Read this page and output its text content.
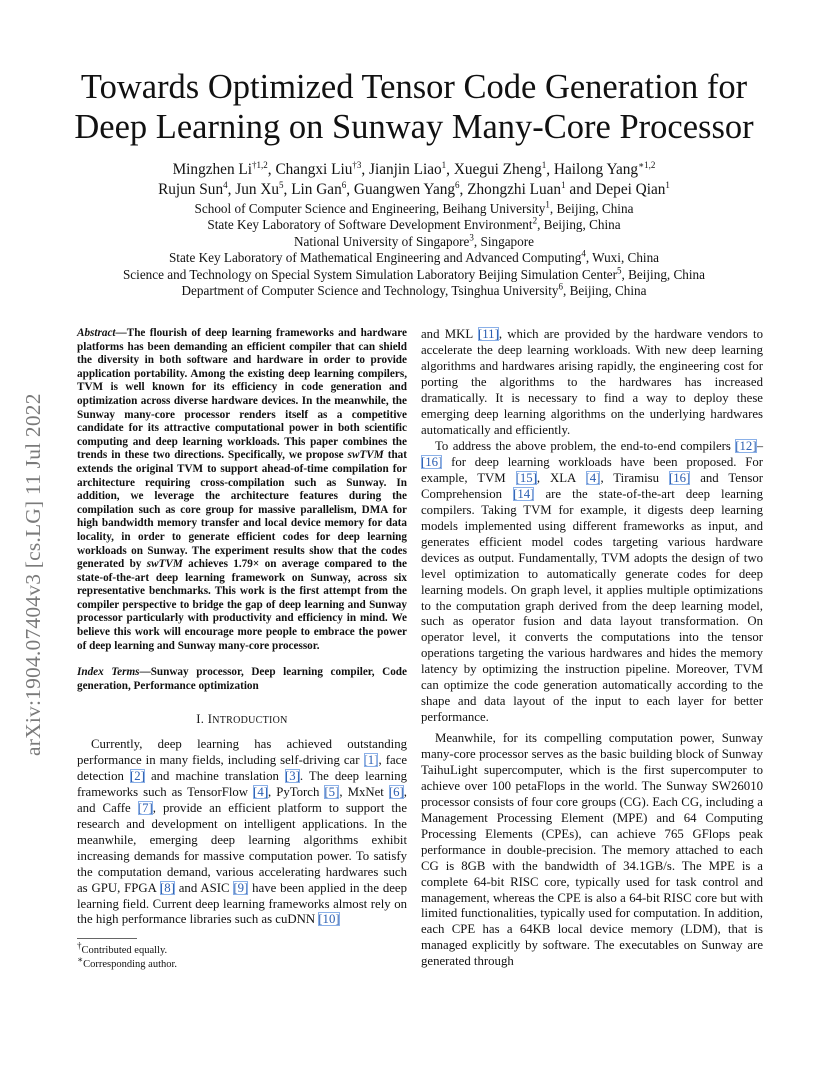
Towards Optimized Tensor Code Generation for
Deep Learning on Sunway Many-Core Processor
Mingzhen Li$^{\dagger 1,2}$, Changxi Liu$^{\dagger 3}$, Jianjin Liao$^1$, Xuegui Zheng$^1$, Hailong Yang$^{∗1,2}$
Rujun Sun$^4$, Jun Xu$^5$, Lin Gan$^6$, Guangwen Yang$^6$, Zhongzhi Luan$^1$ and Depei Qian$^1$
School of Computer Science and Engineering, Beihang University$^1$, Beijing, China
State Key Laboratory of Software Development Environment$^2$, Beijing, China
National University of Singapore$^3$, Singapore
State Key Laboratory of Mathematical Engineering and Advanced Computing$^4$, Wuxi, China
Science and Technology on Special System Simulation Laboratory Beijing Simulation Center$^5$, Beijing, China
Department of Computer Science and Technology, Tsinghua University$^6$, Beijing, China
arXiv:1904.07404v3 [cs.LG] 11 Jul 2022
Abstract—The flourish of deep learning frameworks and hardware platforms has been demanding an efficient compiler that can shield the diversity in both software and hardware in order to provide application portability. Among the existing deep learning compilers, TVM is well known for its efficiency in code generation and optimization across diverse hardware devices. In the meanwhile, the Sunway many-core processor renders itself as a competitive candidate for its attractive computational power in both scientific computing and deep learning workloads. This paper combines the trends in these two directions. Specifically, we propose swTVM that extends the original TVM to support ahead-of-time compilation for architecture requiring cross-compilation such as Sunway. In addition, we leverage the architecture features during the compilation such as core group for massive parallelism, DMA for high bandwidth memory transfer and local device memory for data locality, in order to generate efficient codes for deep learning workloads on Sunway. The experiment results show that the codes generated by swTVM achieves 1.79× on average compared to the state-of-the-art deep learning framework on Sunway, across six representative benchmarks. This work is the first attempt from the compiler perspective to bridge the gap of deep learning and Sunway processor particularly with productivity and efficiency in mind. We believe this work will encourage more people to embrace the power of deep learning and Sunway many-core processor.
Index Terms—Sunway processor, Deep learning compiler, Code generation, Performance optimization
I. INTRODUCTION

Currently, deep learning has achieved outstanding performance in many fields, including self-driving car [ 1 ] , face detection [ 2 ] and machine translation [ 3 ] . The deep learning frameworks such as TensorFlow [ 4 ] , PyTorch [ 5 ] , MxNet [ 6 ] , and Caffe [ 7 ] , provide an efficient platform to support the research and development on intelligent applications. In the meanwhile, emerging deep learning algorithms exhibit increasing demands for massive computation power. To satisfy the computation demand, various accelerating hardwares such as GPU, FPGA [ 8 ] and ASIC [ 9 ] have been applied in the deep learning field. Current deep learning frameworks almost rely on the high performance libraries such as cuDNN [ 10 ]

†Contributed equally.
∗Corresponding author.

and MKL [ 11 ] , which are provided by the hardware vendors to accelerate the deep learning workloads. With new deep learning algorithms and hardwares arising rapidly, the engineering cost for porting the algorithms to the hardwares has increased dramatically. It is necessary to find a way to deploy these emerging deep learning algorithms on the underlying hardwares automatically and efficiently.

To address the above problem, the end-to-end compilers [ 12 ] –[ 16 ] for deep learning workloads have been proposed. For example, TVM [ 15 ] , XLA [ 4 ] , Tiramisu [ 16 ] and Tensor Comprehension [ 14 ] are the state-of-the-art deep learning compilers. Taking TVM for example, it digests deep learning models implemented using different frameworks as input, and generates efficient model codes targeting various hardware devices as output. Fundamentally, TVM adopts the design of two level optimization to automatically generate codes for deep learning models. On graph level, it applies multiple optimizations to the computation graph derived from the deep learning model, such as operator fusion and data layout transformation. On operator level, it converts the computations into the tensor operations targeting the various hardwares and hides the memory latency by optimizing the instruction pipeline. Moreover, TVM can optimize the code generation automatically according to the shape and data layout of the input to each layer for better performance.

Meanwhile, for its compelling computation power, Sunway many-core processor serves as the basic building block of Sunway TaihuLight supercomputer, which is the first supercomputer to achieve over 100 petaFlops in the world. The Sunway SW26010 processor consists of four core groups (CG). Each CG, including a Management Processing Element (MPE) and 64 Computing Processing Elements (CPEs), can achieve 765 GFlops peak performance in double-precision. The memory attached to each CG is 8GB with the bandwidth of 34.1GB/s. The MPE is a complete 64-bit RISC core, typically used for task control and management, whereas the CPE is also a 64-bit RISC core but with limited functionalities, typically used for computation. In addition, each CPE has a 64KB local device memory (LDM), that is managed explicitly by software. The executables on Sunway are generated through
